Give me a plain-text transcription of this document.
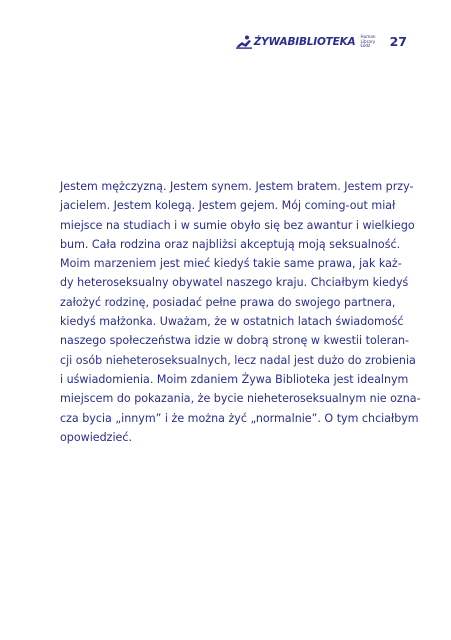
ŻYWABIBLIOTEKA Human
Library
Łódź	27

Jestem mężczyzną. Jestem synem. Jestem bratem. Jestem przy-
jacielem. Jestem kolegą. Jestem gejem. Mój coming-out miał
miejsce na studiach i w sumie obyło się bez awantur i wielkiego
bum. Cała rodzina oraz najbliżsi akceptują moją seksualność.
Moim marzeniem jest mieć kiedyś takie same prawa, jak każ-
dy heteroseksualny obywatel naszego kraju. Chciałbym kiedyś
założyć rodzinę, posiadać pełne prawa do swojego partnera,
kiedyś małżonka. Uważam, że w ostatnich latach świadomość
naszego społeczeństwa idzie w dobrą stronę w kwestii toleran-
cji osób nieheteroseksualnych, lecz nadal jest dużo do zrobienia
i uświadomienia. Moim zdaniem Żywa Biblioteka jest idealnym
miejscem do pokazania, że bycie nieheteroseksualnym nie ozna-
cza bycia „innym” i że można żyć „normalnie”. O tym chciałbym
opowiedzieć.
